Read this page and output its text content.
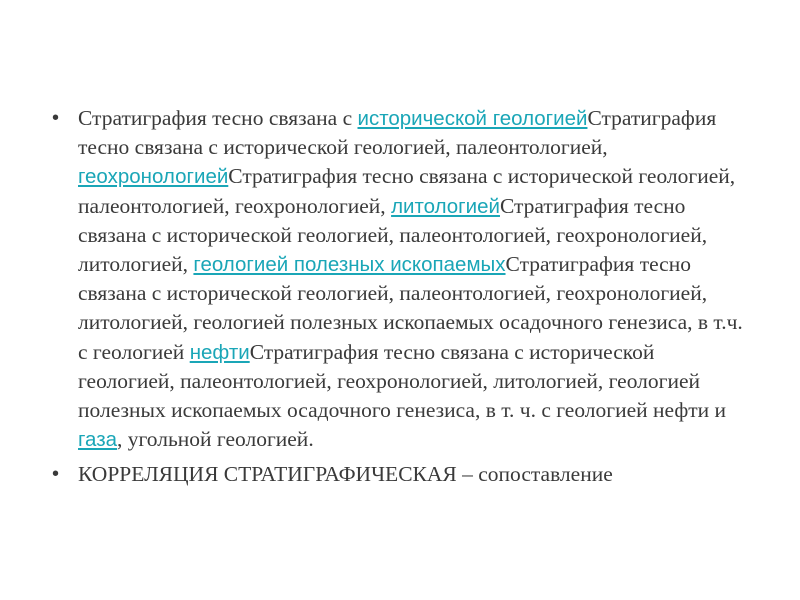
• Стратиграфия тесно связана с исторической геологиейСтратиграфия тесно связана с исторической геологией, палеонтологией, геохронологиейСтратиграфия тесно связана с исторической геологией, палеонтологией, геохронологией, литологиейСтратиграфия тесно связана с исторической геологией, палеонтологией, геохронологией, литологией, геологией полезных ископаемыхСтратиграфия тесно связана с исторической геологией, палеонтологией, геохронологией, литологией, геологией полезных ископаемых осадочного генезиса, в т.ч. с геологией нефтиСтратиграфия тесно связана с исторической геологией, палеонтологией, геохронологией, литологией, геологией полезных ископаемых осадочного генезиса, в т. ч. с геологией нефти и газа, угольной геологией.
• КОРРЕЛЯЦИЯ СТРАТИГРАФИЧЕСКАЯ – сопоставление
